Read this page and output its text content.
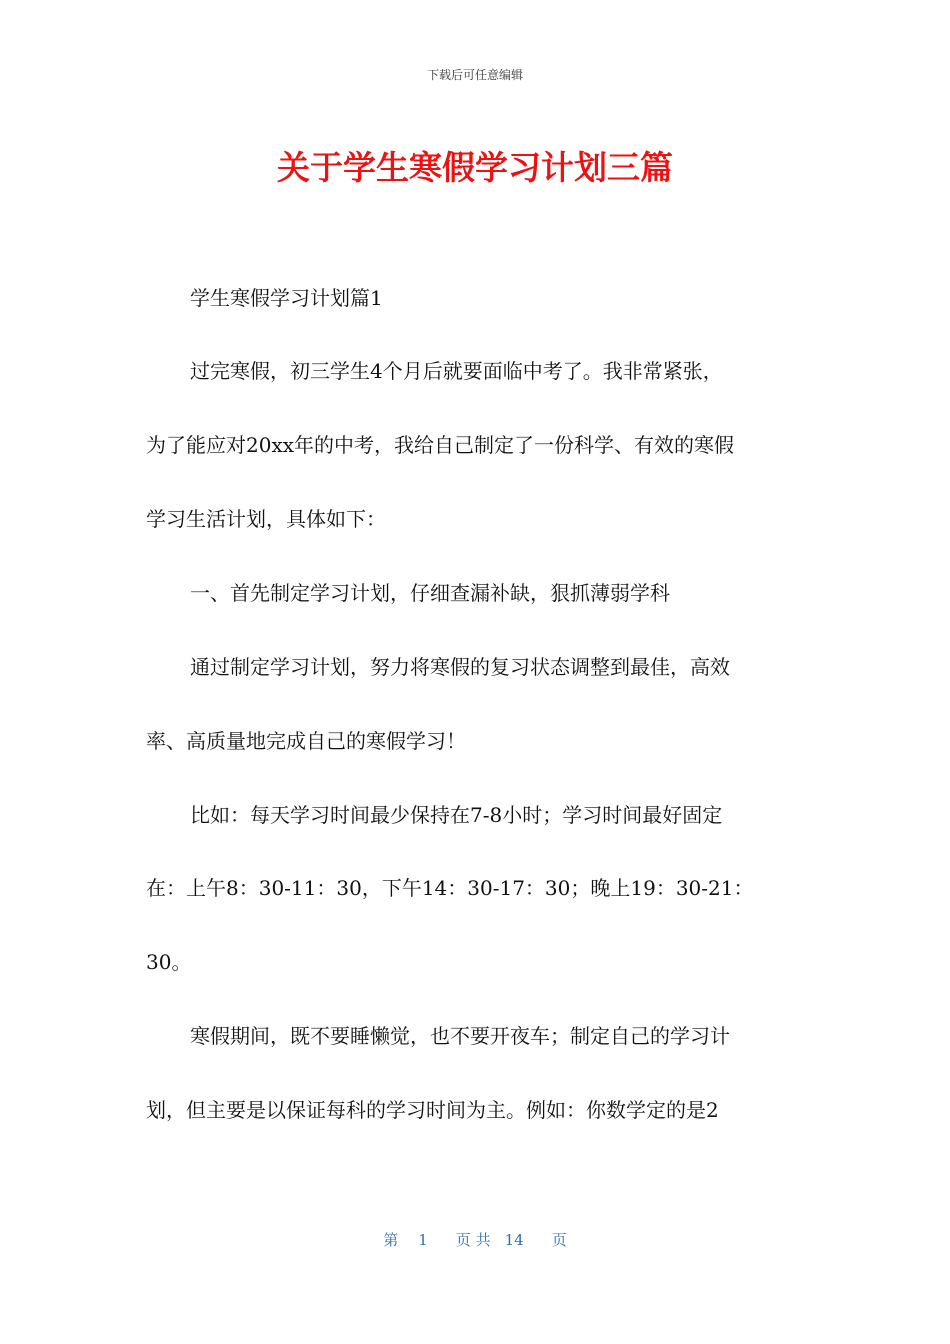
下载后可任意编辑
关于学生寒假学习计划三篇
学生寒假学习计划篇1
过完寒假，初三学生4个月后就要面临中考了。我非常紧张，
为了能应对20xx年的中考，我给自己制定了一份科学、有效的寒假
学习生活计划，具体如下：
一、首先制定学习计划，仔细查漏补缺，狠抓薄弱学科
通过制定学习计划，努力将寒假的复习状态调整到最佳，高效
率、高质量地完成自己的寒假学习！
比如：每天学习时间最少保持在7-8小时；学习时间最好固定
在：上午8：30-11：30，下午14：30-17：30；晚上19：30-21：
30。
寒假期间，既不要睡懒觉，也不要开夜车；制定自己的学习计
划，但主要是以保证每科的学习时间为主。例如：你数学定的是2
第 1 页 共 14 页
